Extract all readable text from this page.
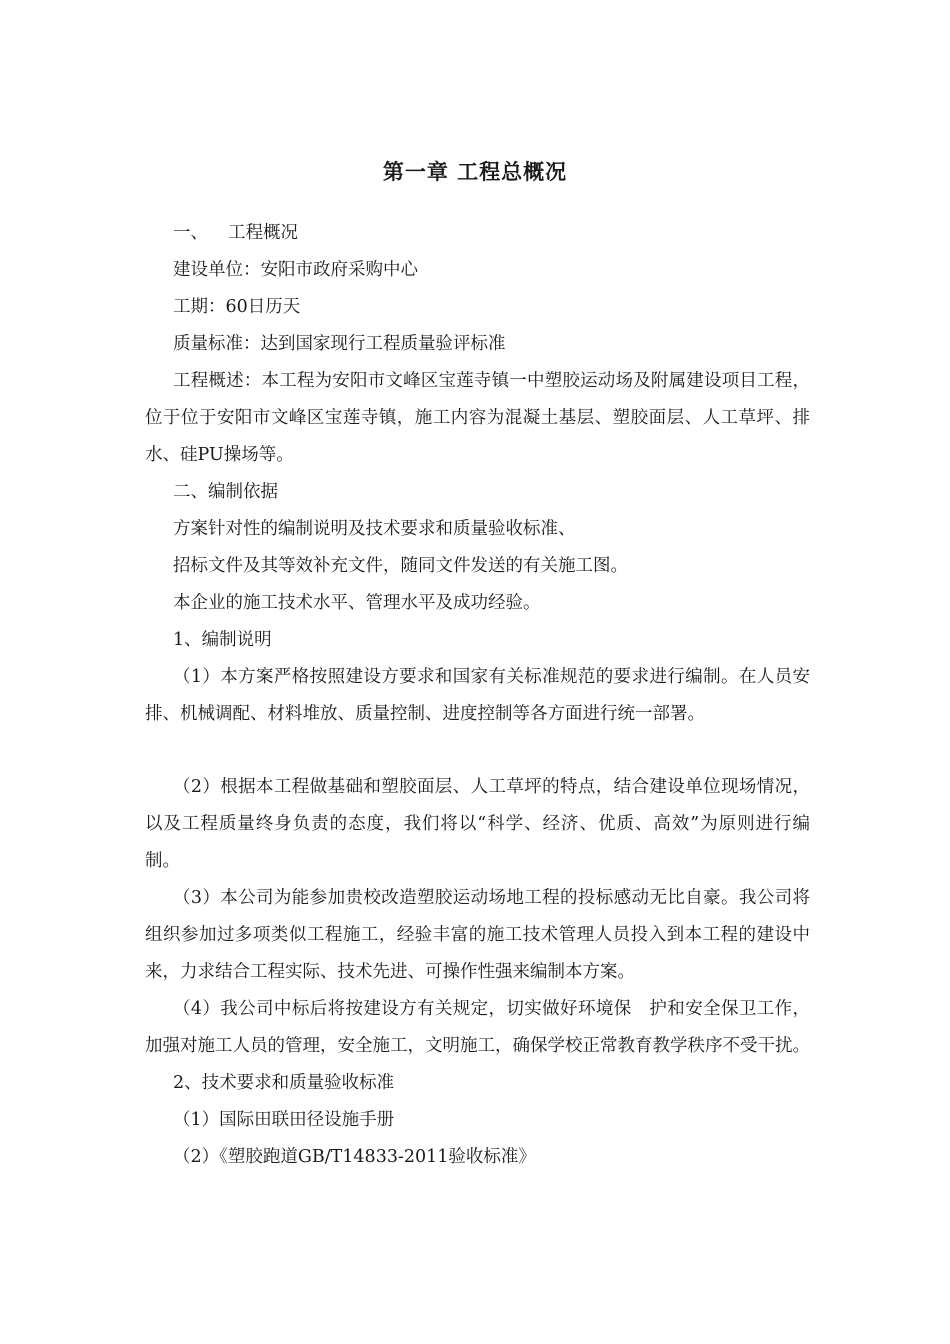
第一章 工程总概况
一、 工程概况
建设单位：安阳市政府采购中心
工期：60日历天
质量标准：达到国家现行工程质量验评标准

工程概述：本工程为安阳市文峰区宝莲寺镇一中塑胶运动场及附属建设项目工程，位于位于安阳市文峰区宝莲寺镇，施工内容为混凝土基层、塑胶面层、人工草坪、排水、硅PU操场等。

二、编制依据
方案针对性的编制说明及技术要求和质量验收标准、
招标文件及其等效补充文件，随同文件发送的有关施工图。
本企业的施工技术水平、管理水平及成功经验。
1、编制说明

（1）本方案严格按照建设方要求和国家有关标准规范的要求进行编制。在人员安排、机械调配、材料堆放、质量控制、进度控制等各方面进行统一部署。

（2）根据本工程做基础和塑胶面层、人工草坪的特点，结合建设单位现场情况，以及工程质量终身负责的态度，我们将以“科学、经济、优质、高效”为原则进行编制。

（3）本公司为能参加贵校改造塑胶运动场地工程的投标感动无比自豪。我公司将组织参加过多项类似工程施工，经验丰富的施工技术管理人员投入到本工程的建设中来，力求结合工程实际、技术先进、可操作性强来编制本方案。

（4）我公司中标后将按建设方有关规定，切实做好环境保   护和安全保卫工作，加强对施工人员的管理，安全施工，文明施工，确保学校正常教育教学秩序不受干扰。

2、技术要求和质量验收标准
（1）国际田联田径设施手册
（2）《塑胶跑道GB/T14833-2011验收标准》
